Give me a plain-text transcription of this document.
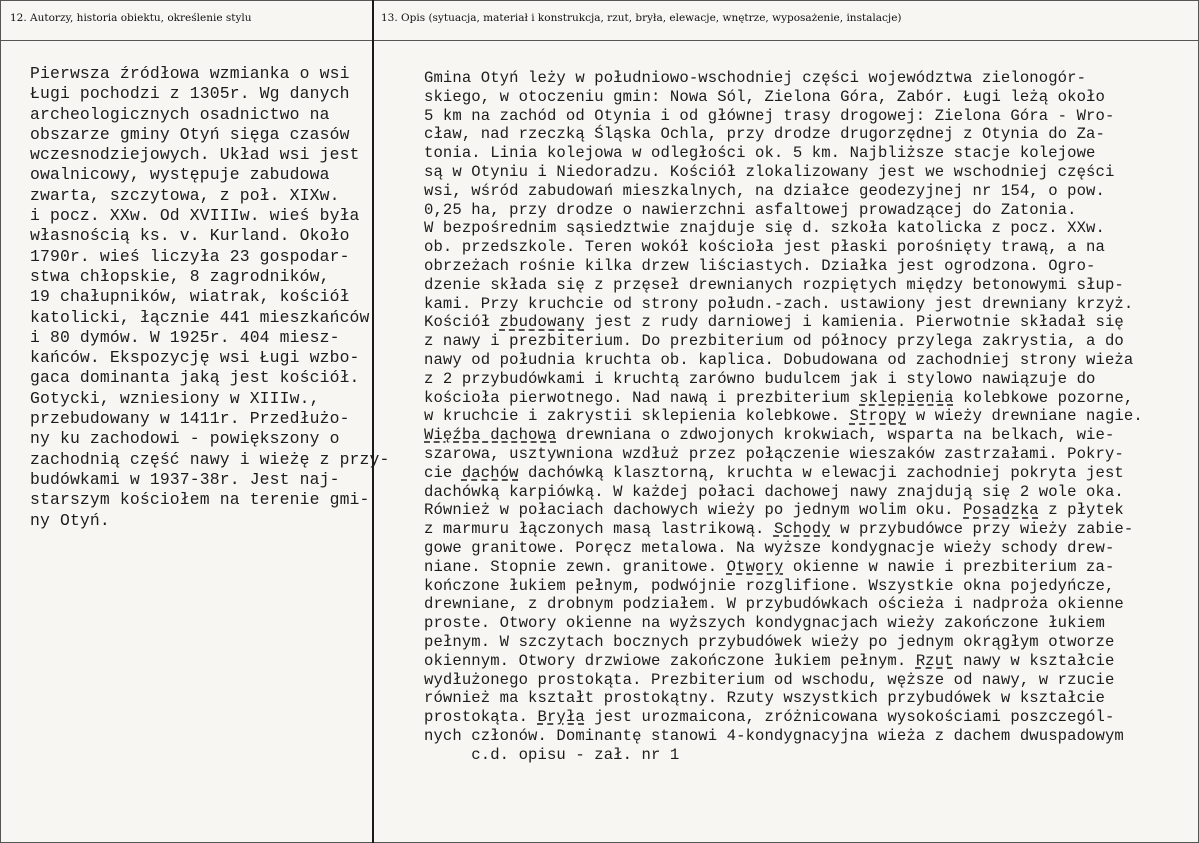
12. Autorzy, historia obiektu, określenie stylu	13. Opis (sytuacja, materiał i konstrukcja, rzut, bryła, elewacje, wnętrze, wyposażenie, instalacje)
Pierwsza źródłowa wzmianka o wsi
Ługi pochodzi z 1305r. Wg danych
archeologicznych osadnictwo na
obszarze gminy Otyń sięga czasów
wczesnodziejowych. Układ wsi jest
owalnicowy, występuje zabudowa
zwarta, szczytowa, z poł. XIXw.
i pocz. XXw. Od XVIIIw. wieś była
własnością ks. v. Kurland. Około
1790r. wieś liczyła 23 gospodar-
stwa chłopskie, 8 zagrodników,
19 chałupników, wiatrak, kościół
katolicki, łącznie 441 mieszkańców
i 80 dymów. W 1925r. 404 miesz-
kańców. Ekspozycję wsi Ługi wzbo-
gaca dominanta jaką jest kościół.
Gotycki, wzniesiony w XIIIw.,
przebudowany w 1411r. Przedłużo-
ny ku zachodowi - powiększony o
zachodnią część nawy i wieżę z przy-
budówkami w 1937-38r. Jest naj-
starszym kościołem na terenie gmi-
ny Otyń.
Gmina Otyń leży w południowo-wschodniej części województwa zielonogór-
skiego, w otoczeniu gmin: Nowa Sól, Zielona Góra, Zabór. Ługi leżą około
5 km na zachód od Otynia i od głównej trasy drogowej: Zielona Góra - Wro-
cław, nad rzeczką Śląska Ochla, przy drodze drugorzędnej z Otynia do Za-
tonia. Linia kolejowa w odległości ok. 5 km. Najbliższe stacje kolejowe
są w Otyniu i Niedoradzu. Kościół zlokalizowany jest we wschodniej części
wsi, wśród zabudowań mieszkalnych, na działce geodezyjnej nr 154, o pow.
0,25 ha, przy drodze o nawierzchni asfaltowej prowadzącej do Zatonia.
W bezpośrednim sąsiedztwie znajduje się d. szkoła katolicka z pocz. XXw.
ob. przedszkole. Teren wokół kościoła jest płaski porośnięty trawą, a na
obrzeżach rośnie kilka drzew liściastych. Działka jest ogrodzona. Ogro-
dzenie składa się z przęseł drewnianych rozpiętych między betonowymi słup-
kami. Przy kruchcie od strony połudn.-zach. ustawiony jest drewniany krzyż.
Kościół zbudowany jest z rudy darniowej i kamienia. Pierwotnie składał się
z nawy i prezbiterium. Do prezbiterium od północy przylega zakrystia, a do
nawy od południa kruchta ob. kaplica. Dobudowana od zachodniej strony wieża
z 2 przybudówkami i kruchtą zarówno budulcem jak i stylowo nawiązuje do
kościoła pierwotnego. Nad nawą i prezbiterium sklepienia kolebkowe pozorne,
w kruchcie i zakrystii sklepienia kolebkowe. Stropy w wieży drewniane nagie.
Więźba dachowa drewniana o zdwojonych krokwiach, wsparta na belkach, wie-
szarowa, usztywniona wzdłuż przez połączenie wieszaków zastrzałami. Pokry-
cie dachów dachówką klasztorną, kruchta w elewacji zachodniej pokryta jest
dachówką karpiówką. W każdej połaci dachowej nawy znajdują się 2 wole oka.
Również w połaciach dachowych wieży po jednym wolim oku. Posadzka z płytek
z marmuru łączonych masą lastrikową. Schody w przybudówce przy wieży zabie-
gowe granitowe. Poręcz metalowa. Na wyższe kondygnacje wieży schody drew-
niane. Stopnie zewn. granitowe. Otwory okienne w nawie i prezbiterium za-
kończone łukiem pełnym, podwójnie rozglifione. Wszystkie okna pojedyńcze,
drewniane, z drobnym podziałem. W przybudówkach ościeża i nadproża okienne
proste. Otwory okienne na wyższych kondygnacjach wieży zakończone łukiem
pełnym. W szczytach bocznych przybudówek wieży po jednym okrągłym otworze
okiennym. Otwory drzwiowe zakończone łukiem pełnym. Rzut nawy w kształcie
wydłużonego prostokąta. Prezbiterium od wschodu, węższe od nawy, w rzucie
również ma kształt prostokątny. Rzuty wszystkich przybudówek w kształcie
prostokąta. Bryła jest urozmaicona, zróżnicowana wysokościami poszczegól-
nych członów. Dominantę stanowi 4-kondygnacyjna wieża z dachem dwuspadowym
c.d. opisu - zał. nr 1
